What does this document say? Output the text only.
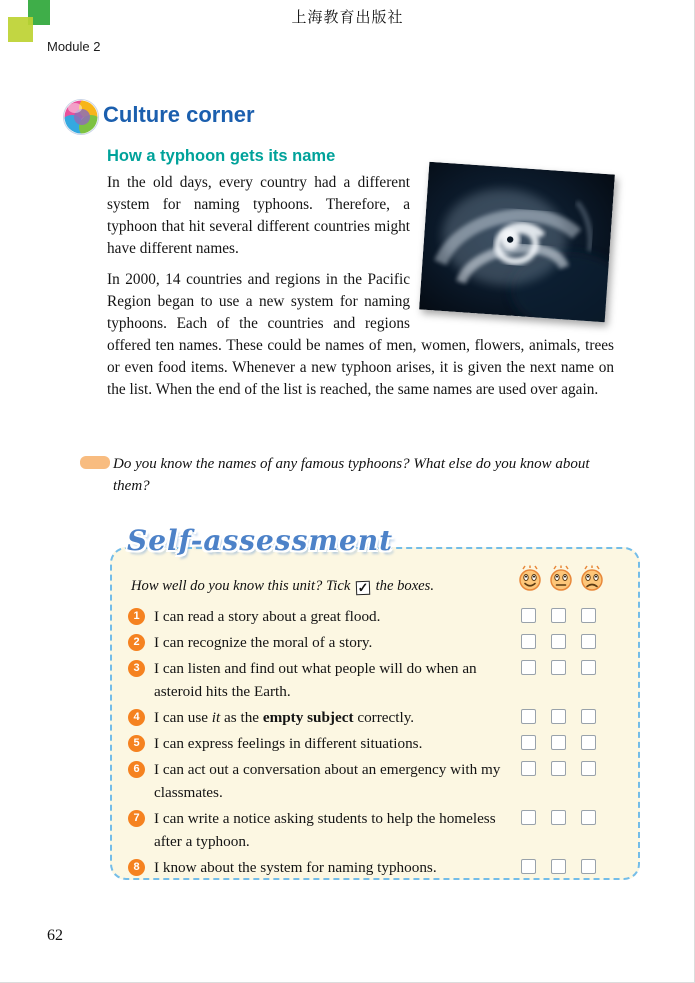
上海教育出版社
Module 2
Culture corner
How a typhoon gets its name

In the old days, every country had a different system for naming typhoons. Therefore, a typhoon that hit several different countries might have different names.

In 2000, 14 countries and regions in the Pacific Region began to use a new system for naming typhoons. Each of the countries and regions offered ten names. These could be names of men, women, flowers, animals, trees or even food items. Whenever a new typhoon arises, it is given the next name on the list. When the end of the list is reached, the same names are used over again.

Do you know the names of any famous typhoons? What else do you know about them?
Self-assessment
How well do you know this unit? Tick ✓ the boxes.
1 I can read a story about a great flood.
2 I can recognize the moral of a story.
3 I can listen and find out what people will do when an asteroid hits the Earth.
4 I can use it as the empty subject correctly.
5 I can express feelings in different situations.
6 I can act out a conversation about an emergency with my classmates.
7 I can write a notice asking students to help the homeless after a typhoon.
8 I know about the system for naming typhoons.
62
